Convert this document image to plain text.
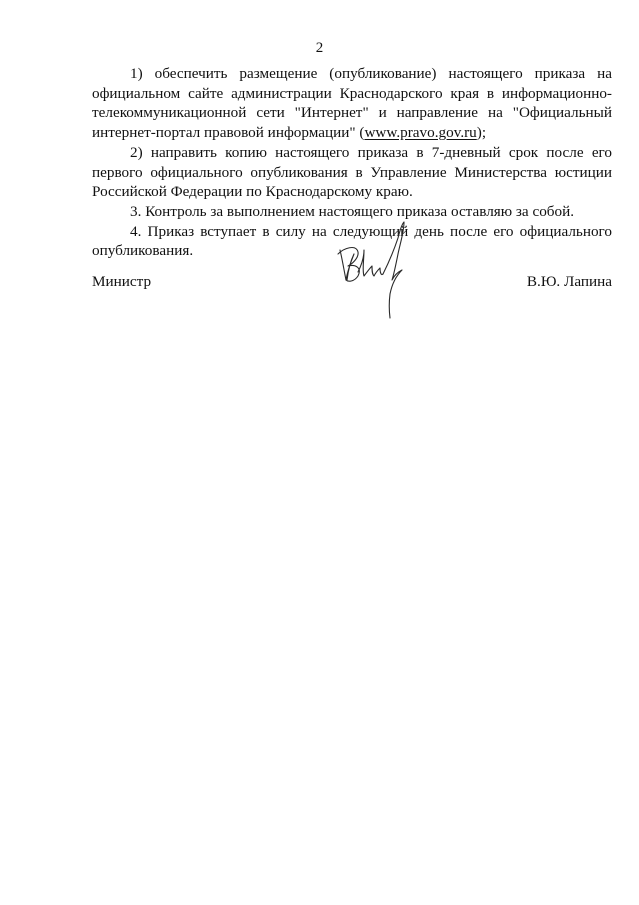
2

1) обеспечить размещение (опубликование) настоящего приказа на официальном сайте администрации Краснодарского края в информационно-телекоммуникационной сети "Интернет" и направление на "Официальный интернет-портал правовой информации" (www.pravo.gov.ru);

2) направить копию настоящего приказа в 7-дневный срок после его первого официального опубликования в Управление Министерства юстиции Российской Федерации по Краснодарскому краю.

3. Контроль за выполнением настоящего приказа оставляю за собой.

4. Приказ вступает в силу на следующий день после его официального опубликования.

Министр	В.Ю. Лапина
